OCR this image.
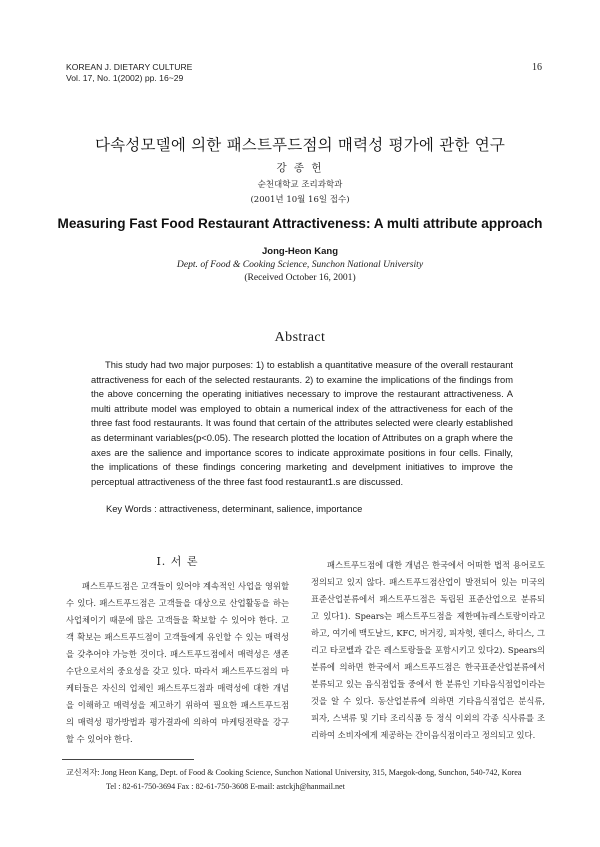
KOREAN J. DIETARY CULTURE
Vol. 17, No. 1(2002) pp. 16~29
16
다속성모델에 의한 패스트푸드점의 매력성 평가에 관한 연구
강 종 헌
순천대학교 조리과학과
(2001년 10월 16일 접수)
Measuring Fast Food Restaurant Attractiveness: A multi attribute approach
Jong-Heon Kang
Dept. of Food & Cooking Science, Sunchon National University
(Received October 16, 2001)
Abstract
This study had two major purposes: 1) to establish a quantitative measure of the overall restaurant attractiveness for each of the selected restaurants. 2) to examine the implications of the findings from the above concerning the operating initiatives necessary to improve the restaurant attractiveness. A multi attribute model was employed to obtain a numerical index of the attractiveness for each of the three fast food restaurants. It was found that certain of the attributes selected were clearly established as determinant variables(p<0.05). The research plotted the location of Attributes on a graph where the axes are the salience and importance scores to indicate approximate positions in four cells. Finally, the implications of these findings concering marketing and develpment initiatives to improve the perceptual attractiveness of the three fast food restaurant1.s are discussed.
Key Words : attractiveness, determinant, salience, importance
I. 서 론
패스트푸드점은 고객들이 있어야 계속적인 사업을 영위할 수 있다. 패스트푸드점은 고객들을 대상으로 산업활동을 하는 사업체이기 때문에 많은 고객들을 확보할 수 있어야 한다. 고객 확보는 패스트푸드점이 고객들에게 유인할 수 있는 매력성을 갖추어야 가능한 것이다. 패스트푸드점에서 매력성은 생존수단으로서의 중요성을 갖고 있다. 따라서 패스트푸드점의 마케터들은 자신의 업체인 패스트푸드점과 매력성에 대한 개념을 이해하고 매력성을 제고하기 위하여 필요한 패스트푸드점의 매력성 평가방법과 평가결과에 의하여 마케팅전략을 강구할 수 있어야 한다.
패스트푸드점에 대한 개념은 한국에서 어떠한 법적 용어로도 정의되고 있지 않다. 패스트푸드점산업이 발전되어 있는 미국의 표준산업분류에서 패스트푸드점은 독립된 표준산업으로 분류되고 있다1). Spears는 패스트푸드점을 제한메뉴레스토랑이라고 하고, 여기에 맥도날드, KFC, 버거킹, 피자헛, 웬디스, 하디스, 그리고 타코벨과 같은 레스토랑들을 포함시키고 있다2). Spears의 분류에 의하면 한국에서 패스트푸드점은 한국표준산업분류에서 분류되고 있는 음식점업들 중에서 한 분류인 기타음식점업이라는 것을 알 수 있다. 동산업분류에 의하면 기타음식점업은 분식류, 피자, 스낵류 및 기타 조리식품 등 정식 이외의 각종 식사류를 조리하여 소비자에게 제공하는 간이음식점이라고 정의되고 있다.
교신저자: Jong Heon Kang, Dept. of Food & Cooking Science, Sunchon National University, 315, Maegok-dong, Sunchon, 540-742, Korea
Tel : 82-61-750-3694 Fax : 82-61-750-3608 E-mail: astckjh@hanmail.net
